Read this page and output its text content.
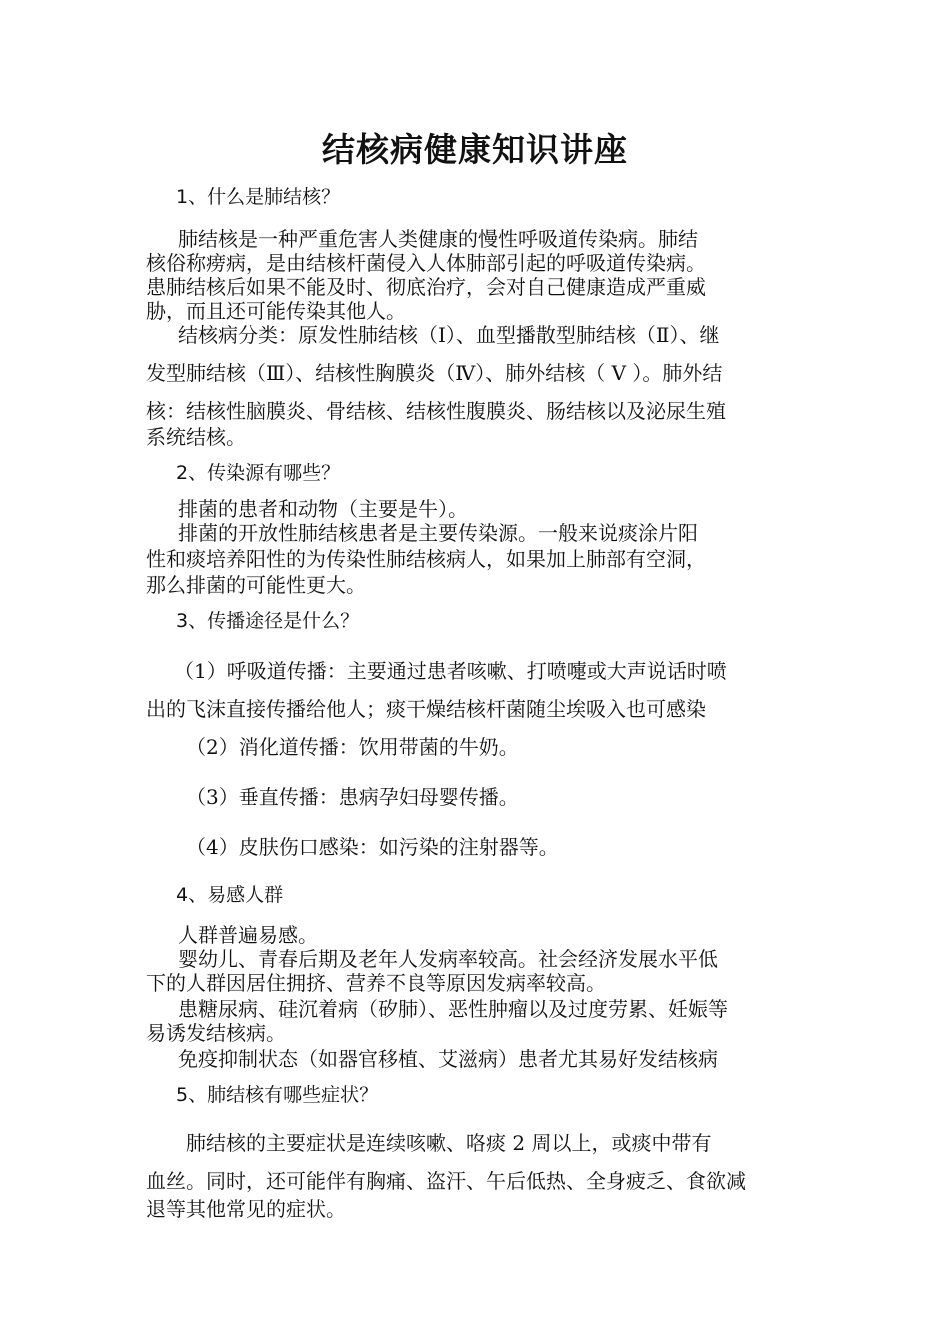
结核病健康知识讲座
1、什么是肺结核？
肺结核是一种严重危害人类健康的慢性呼吸道传染病。肺结
核俗称痨病，是由结核杆菌侵入人体肺部引起的呼吸道传染病。
患肺结核后如果不能及时、彻底治疗，会对自己健康造成严重威
胁，而且还可能传染其他人。
结核病分类：原发性肺结核（Ⅰ）、血型播散型肺结核（Ⅱ）、继
发型肺结核（Ⅲ）、结核性胸膜炎（Ⅳ）、肺外结核（ Ⅴ ）。肺外结
核：结核性脑膜炎、骨结核、结核性腹膜炎、肠结核以及泌尿生殖
系统结核。
2、传染源有哪些？
排菌的患者和动物（主要是牛）。
排菌的开放性肺结核患者是主要传染源。一般来说痰涂片阳
性和痰培养阳性的为传染性肺结核病人，如果加上肺部有空洞，
那么排菌的可能性更大。
3、传播途径是什么？
（1）呼吸道传播：主要通过患者咳嗽、打喷嚏或大声说话时喷
出的飞沫直接传播给他人；痰干燥结核杆菌随尘埃吸入也可感染
（2）消化道传播：饮用带菌的牛奶。
（3）垂直传播：患病孕妇母婴传播。
（4）皮肤伤口感染：如污染的注射器等。
4、易感人群
人群普遍易感。
婴幼儿、青春后期及老年人发病率较高。社会经济发展水平低
下的人群因居住拥挤、营养不良等原因发病率较高。
患糖尿病、硅沉着病（矽肺）、恶性肿瘤以及过度劳累、妊娠等
易诱发结核病。
免疫抑制状态（如器官移植、艾滋病）患者尤其易好发结核病
5、肺结核有哪些症状？
肺结核的主要症状是连续咳嗽、咯痰 2 周以上，或痰中带有
血丝。同时，还可能伴有胸痛、盗汗、午后低热、全身疲乏、食欲减
退等其他常见的症状。
